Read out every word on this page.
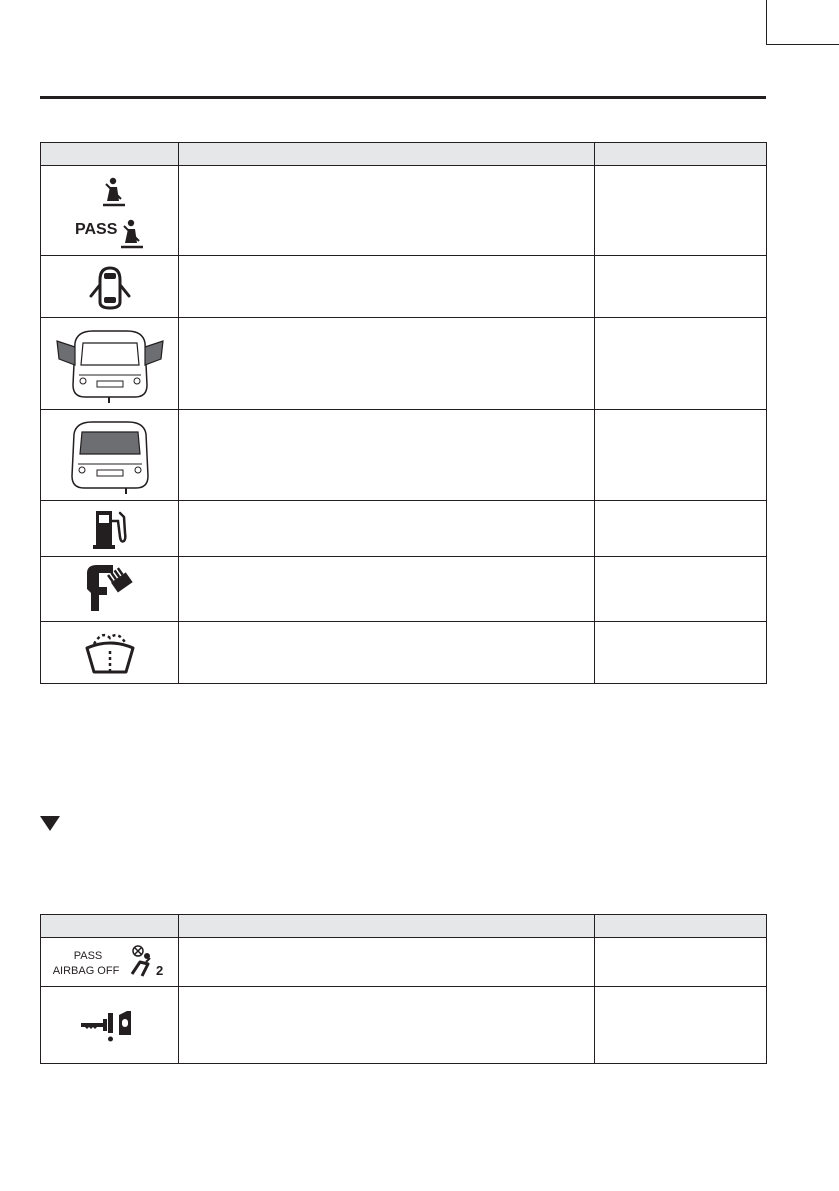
PASS		

PASS
AIRBAG OFF 2		
